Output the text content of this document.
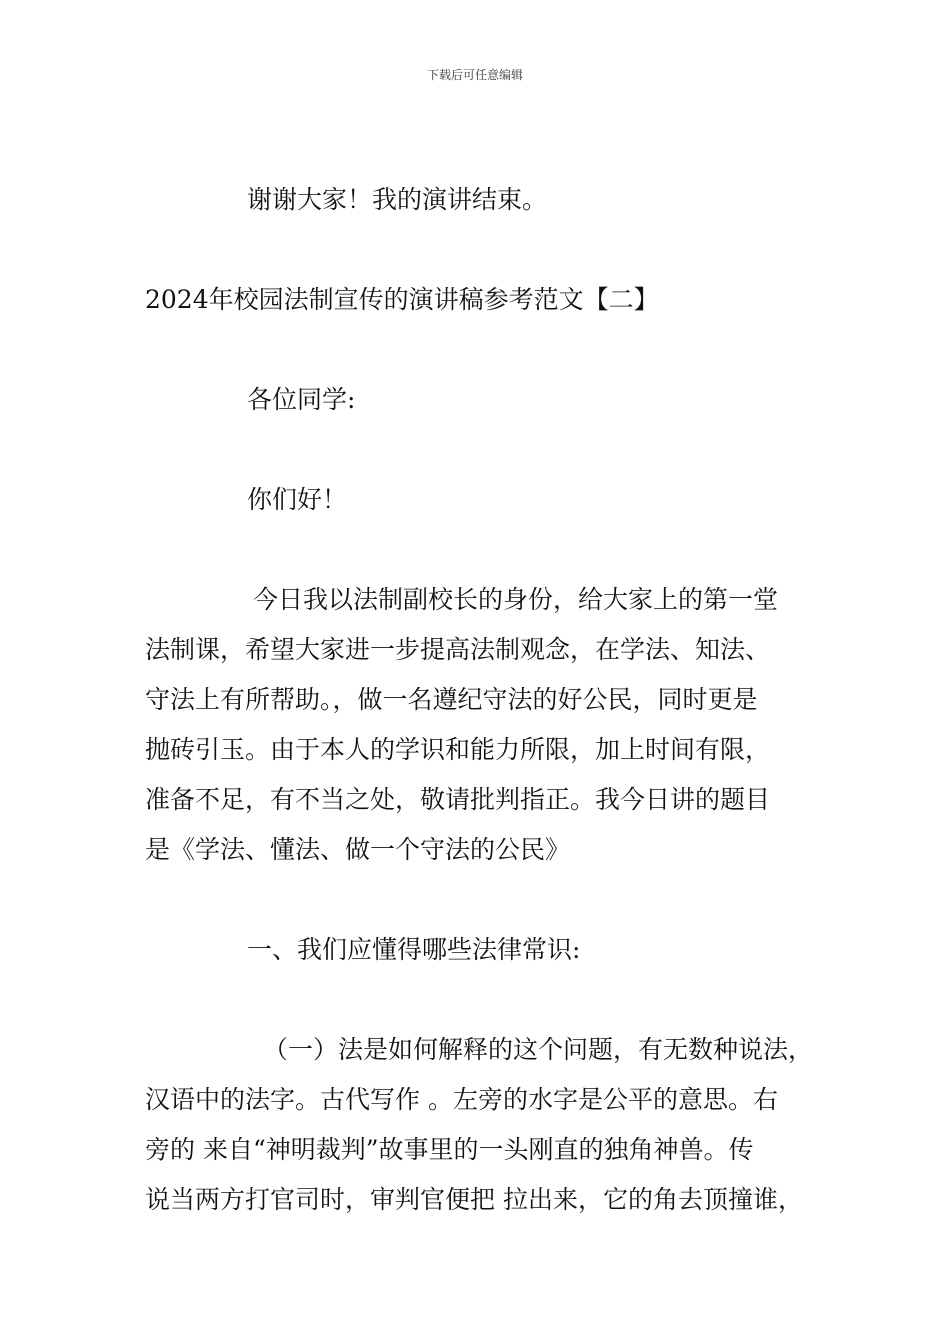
下载后可任意编辑
谢谢大家！我的演讲结束。
2024年校园法制宣传的演讲稿参考范文【二】
各位同学:
你们好！
今日我以法制副校长的身份，给大家上的第一堂
法制课，希望大家进一步提高法制观念，在学法、知法、
守法上有所帮助。，做一名遵纪守法的好公民，同时更是
抛砖引玉。由于本人的学识和能力所限，加上时间有限，
准备不足，有不当之处，敬请批判指正。我今日讲的题目
是《学法、懂法、做一个守法的公民》
一、我们应懂得哪些法律常识:
（一）法是如何解释的这个问题，有无数种说法，
汉语中的法字。古代写作 。左旁的水字是公平的意思。右
旁的 来自“神明裁判”故事里的一头刚直的独角神兽。传
说当两方打官司时，审判官便把 拉出来，它的角去顶撞谁，
